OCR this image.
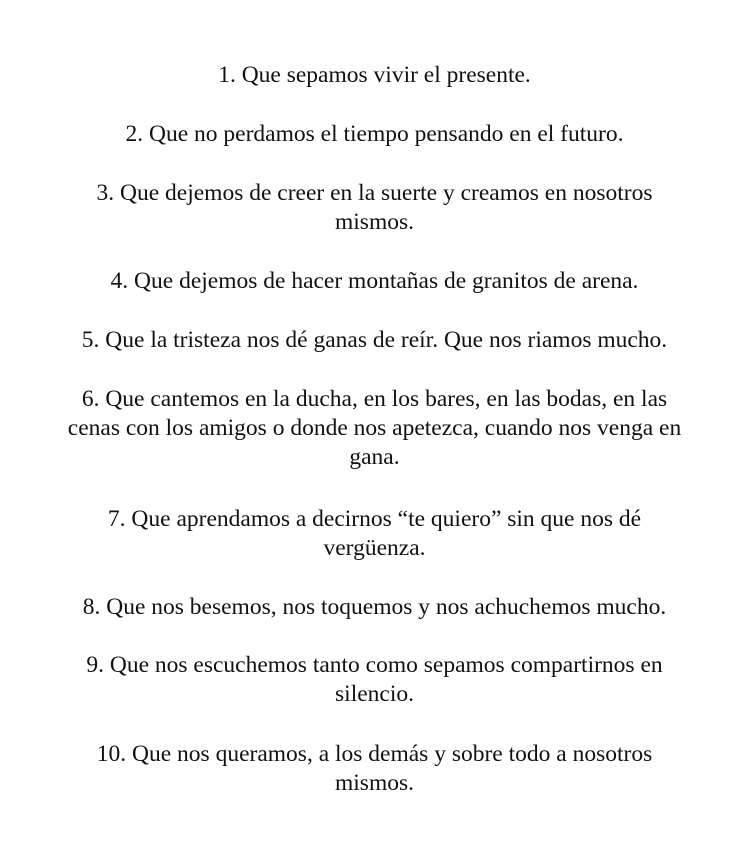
1. Que sepamos vivir el presente.
2. Que no perdamos el tiempo pensando en el futuro.
3. Que dejemos de creer en la suerte y creamos en nosotros
mismos.
4. Que dejemos de hacer montañas de granitos de arena.
5. Que la tristeza nos dé ganas de reír. Que nos riamos mucho.
6. Que cantemos en la ducha, en los bares, en las bodas, en las
cenas con los amigos o donde nos apetezca, cuando nos venga en
gana.
7. Que aprendamos a decirnos “te quiero” sin que nos dé
vergüenza.
8. Que nos besemos, nos toquemos y nos achuchemos mucho.
9. Que nos escuchemos tanto como sepamos compartirnos en
silencio.
10. Que nos queramos, a los demás y sobre todo a nosotros
mismos.
